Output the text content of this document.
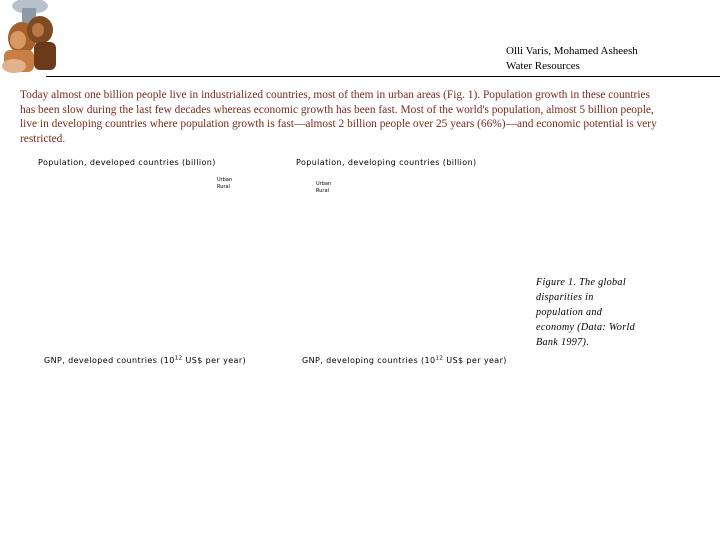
Olli Varis, Mohamed Asheesh
Water Resources
Today almost one billion people live in industrialized countries, most of them in urban areas (Fig. 1). Population growth in these countries has been slow during the last few decades whereas economic growth has been fast. Most of the world's population, almost 5 billion people, live in developing countries where population growth is fast—almost 2 billion people over 25 years (66%)—and economic potential is very restricted.
Population, developed countries (billion)
Urban
Rural
Population, developing countries (billion)
Urban
Rural
GNP, developed countries ($10^{12}$ US$ per year)	GNP, developing countries ($10^{12}$ US$ per year)
Figure 1. The global disparities in population and economy (Data: World Bank 1997).
